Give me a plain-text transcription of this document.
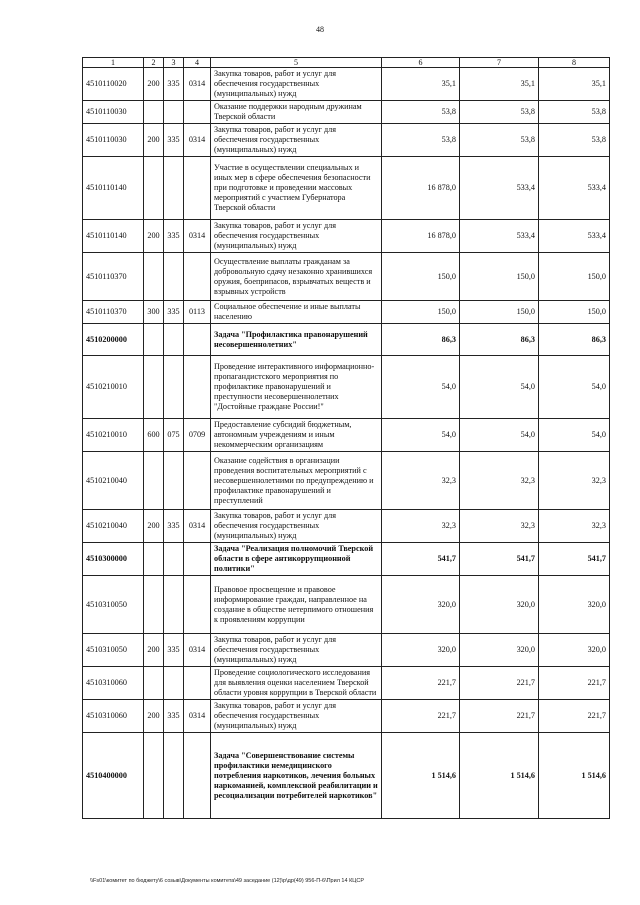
48
1	2	3	4	5	6	7	8
4510110020	200	335	0314	Закупка товаров, работ и услуг для обеспечения государственных (муниципальных) нужд	35,1	35,1	35,1
4510110030				Оказание поддержки народным дружинам Тверской области	53,8	53,8	53,8
4510110030	200	335	0314	Закупка товаров, работ и услуг для обеспечения государственных (муниципальных) нужд	53,8	53,8	53,8
4510110140				Участие в осуществлении специальных и иных мер в сфере обеспечения безопасности при подготовке и проведении массовых мероприятий с участием Губернатора Тверской области	16 878,0	533,4	533,4
4510110140	200	335	0314	Закупка товаров, работ и услуг для обеспечения государственных (муниципальных) нужд	16 878,0	533,4	533,4
4510110370				Осуществление выплаты гражданам за добровольную сдачу незаконно хранившихся оружия, боеприпасов, взрывчатых веществ и взрывных устройств	150,0	150,0	150,0
4510110370	300	335	0113	Социальное обеспечение и иные выплаты населению	150,0	150,0	150,0
4510200000				Задача "Профилактика правонарушений несовершеннолетних"	86,3	86,3	86,3
4510210010				Проведение интерактивного информационно-пропагандистского мероприятия по профилактике правонарушений и преступности несовершеннолетних "Достойные граждане России!"	54,0	54,0	54,0
4510210010	600	075	0709	Предоставление субсидий бюджетным, автономным учреждениям и иным некоммерческим организациям	54,0	54,0	54,0
4510210040				Оказание содействия в организации проведения воспитательных мероприятий с несовершеннолетними по предупреждению и профилактике правонарушений и преступлений	32,3	32,3	32,3
4510210040	200	335	0314	Закупка товаров, работ и услуг для обеспечения государственных (муниципальных) нужд	32,3	32,3	32,3
4510300000				Задача "Реализация полномочий Тверской области в сфере антикоррупционной политики"	541,7	541,7	541,7
4510310050				Правовое просвещение и правовое информирование граждан, направленное на создание в обществе нетерпимого отношения к проявлениям коррупции	320,0	320,0	320,0
4510310050	200	335	0314	Закупка товаров, работ и услуг для обеспечения государственных (муниципальных) нужд	320,0	320,0	320,0
4510310060				Проведение социологического исследования для выявления оценки населением Тверской области уровня коррупции в Тверской области	221,7	221,7	221,7
4510310060	200	335	0314	Закупка товаров, работ и услуг для обеспечения государственных (муниципальных) нужд	221,7	221,7	221,7
4510400000				Задача "Совершенствование системы профилактики немедицинского потребления наркотиков, лечения больных наркоманией, комплексной реабилитации и ресоциализации потребителей наркотиков"	1 514,6	1 514,6	1 514,6
\\Fs01\комитет по бюджету\6 созыв\Документы комитета\49 заседание (12)\р\др(49) 956-П-6\Прил 14 КЦСР
